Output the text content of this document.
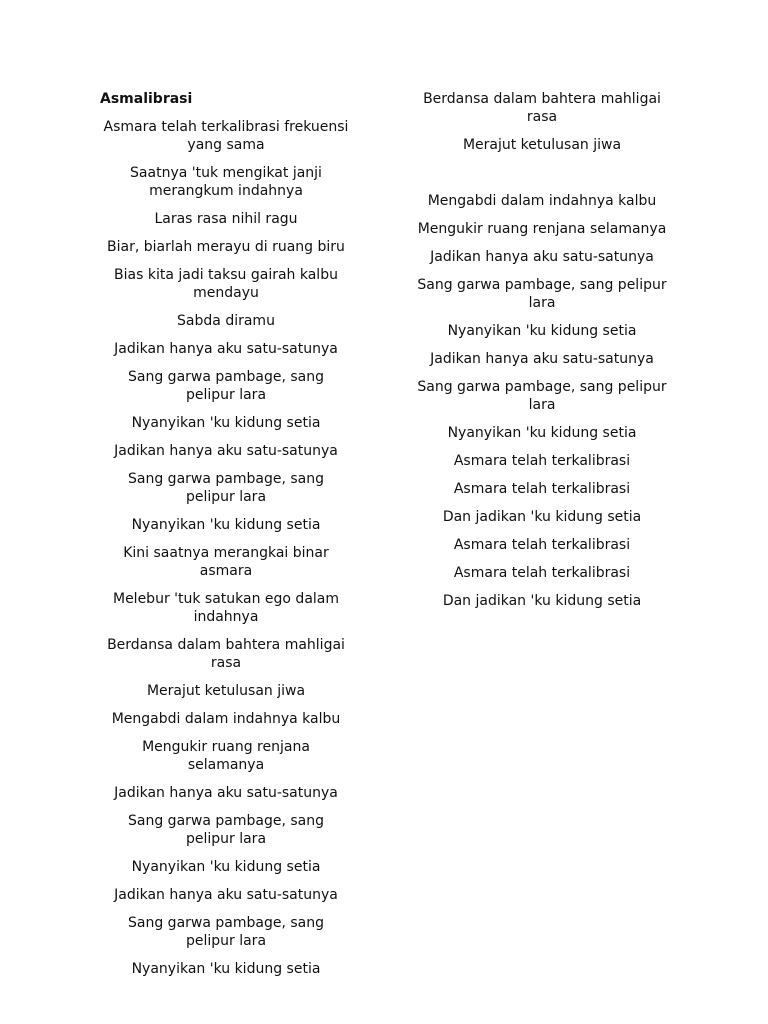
Asmalibrasi
Asmara telah terkalibrasi frekuensi yang sama
Saatnya 'tuk mengikat janji merangkum indahnya
Laras rasa nihil ragu
Biar, biarlah merayu di ruang biru
Bias kita jadi taksu gairah kalbu mendayu
Sabda diramu
Jadikan hanya aku satu-satunya
Sang garwa pambage, sang pelipur lara
Nyanyikan 'ku kidung setia
Jadikan hanya aku satu-satunya
Sang garwa pambage, sang pelipur lara
Nyanyikan 'ku kidung setia
Kini saatnya merangkai binar asmara
Melebur 'tuk satukan ego dalam indahnya
Berdansa dalam bahtera mahligai rasa
Merajut ketulusan jiwa
Mengabdi dalam indahnya kalbu
Mengukir ruang renjana selamanya
Jadikan hanya aku satu-satunya
Sang garwa pambage, sang pelipur lara
Nyanyikan 'ku kidung setia
Jadikan hanya aku satu-satunya
Sang garwa pambage, sang pelipur lara
Nyanyikan 'ku kidung setia
Berdansa dalam bahtera mahligai rasa
Merajut ketulusan jiwa
Mengabdi dalam indahnya kalbu
Mengukir ruang renjana selamanya
Jadikan hanya aku satu-satunya
Sang garwa pambage, sang pelipur lara
Nyanyikan 'ku kidung setia
Jadikan hanya aku satu-satunya
Sang garwa pambage, sang pelipur lara
Nyanyikan 'ku kidung setia
Asmara telah terkalibrasi
Asmara telah terkalibrasi
Dan jadikan 'ku kidung setia
Asmara telah terkalibrasi
Asmara telah terkalibrasi
Dan jadikan 'ku kidung setia
